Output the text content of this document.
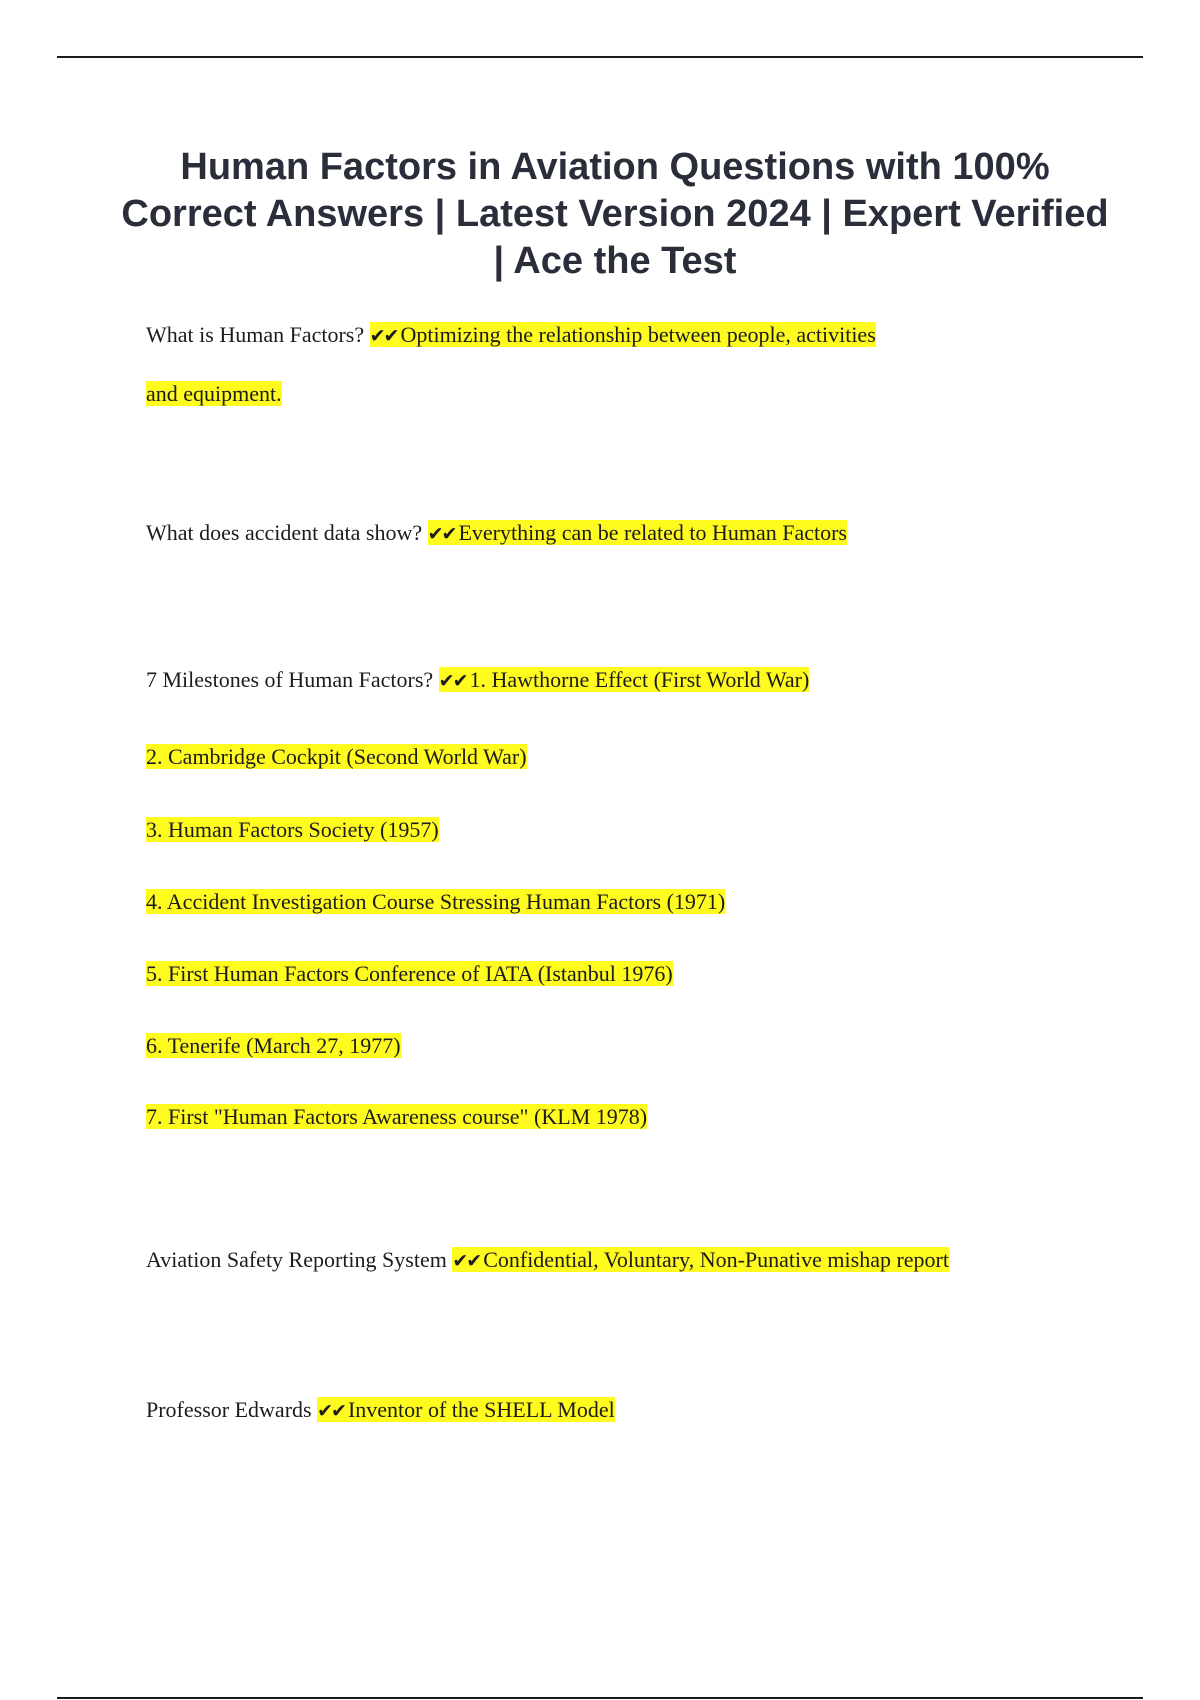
Human Factors in Aviation Questions with 100% Correct Answers | Latest Version 2024 | Expert Verified | Ace the Test
What is Human Factors? ✔✔ Optimizing the relationship between people, activities
and equipment.
What does accident data show? ✔✔ Everything can be related to Human Factors
7 Milestones of Human Factors? ✔✔ 1. Hawthorne Effect (First World War)
2. Cambridge Cockpit (Second World War)
3. Human Factors Society (1957)
4. Accident Investigation Course Stressing Human Factors (1971)
5. First Human Factors Conference of IATA (Istanbul 1976)
6. Tenerife (March 27, 1977)
7. First "Human Factors Awareness course" (KLM 1978)
Aviation Safety Reporting System ✔✔ Confidential, Voluntary, Non-Punative mishap report
Professor Edwards ✔✔ Inventor of the SHELL Model
